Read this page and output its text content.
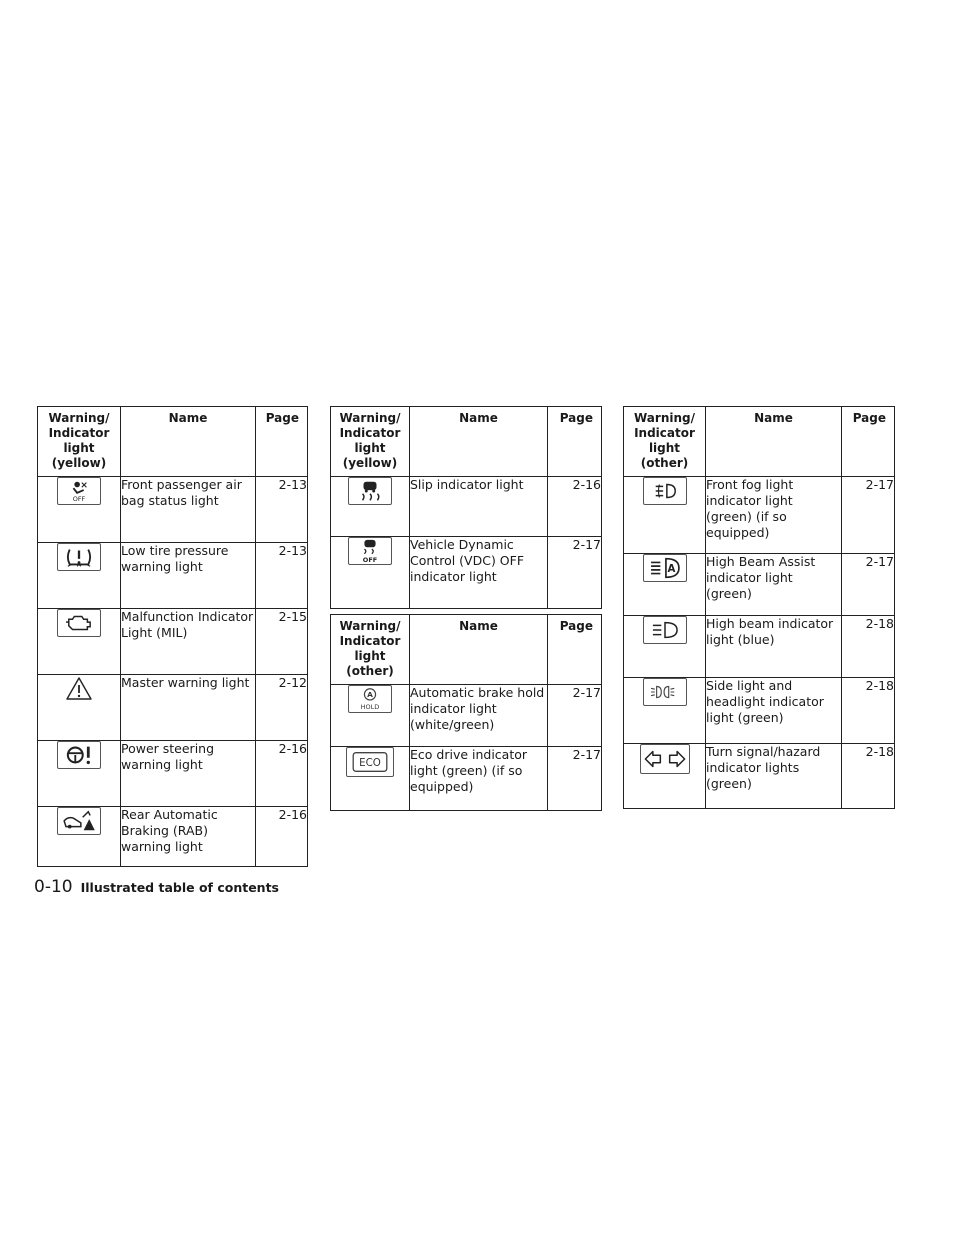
Warning/ Indicator light (yellow)	Name	Page

OFF	Front passenger air bag status light	2-13

	Low tire pressure warning light	2-13

	Malfunction Indicator Light (MIL)	2-15

	Master warning light	2-12

	Power steering warning light	2-16

	Rear Automatic Braking (RAB) warning light	2-16
Warning/ Indicator light (yellow)	Name	Page

	Slip indicator light	2-16

OFF	Vehicle Dynamic Control (VDC) OFF indicator light	2-17
Warning/ Indicator light (other)	Name	Page

A
HOLD	Automatic brake hold indicator light (white/green)	2-17

ECO	Eco drive indicator light (green) (if so equipped)	2-17
Warning/ Indicator light (other)	Name	Page

	Front fog light indicator light (green) (if so equipped)	2-17

A	High Beam Assist indicator light (green)	2-17

	High beam indicator light (blue)	2-18

	Side light and headlight indicator light (green)	2-18

	Turn signal/hazard indicator lights (green)	2-18
0-10 Illustrated table of contents
